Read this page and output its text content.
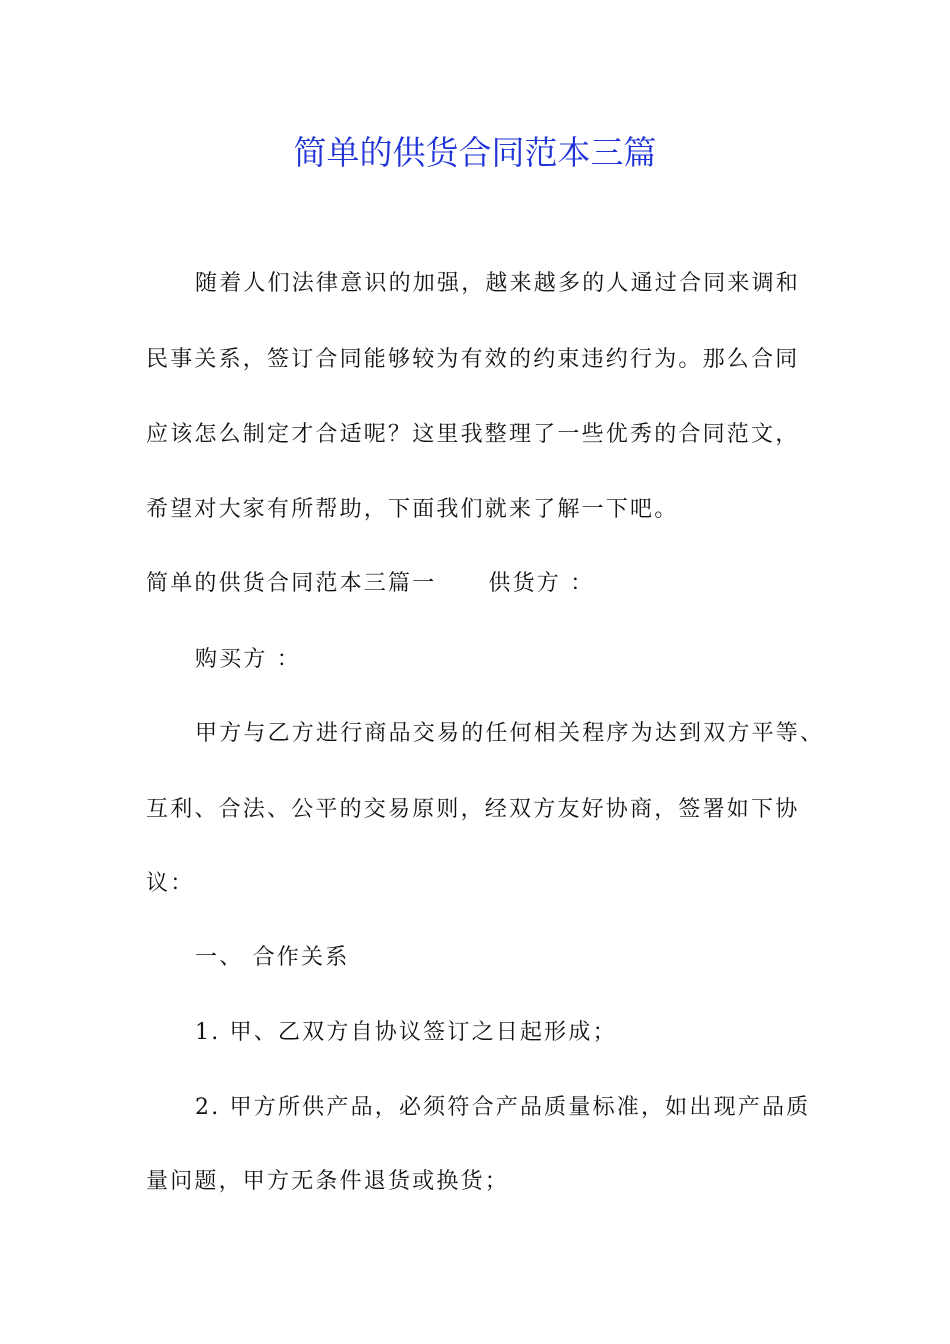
简单的供货合同范本三篇
随着人们法律意识的加强，越来越多的人通过合同来调和
民事关系，签订合同能够较为有效的约束违约行为。那么合同
应该怎么制定才合适呢？这里我整理了一些优秀的合同范文，
希望对大家有所帮助，下面我们就来了解一下吧。
简单的供货合同范本三篇一 供货方 ：
购买方 ：
甲方与乙方进行商品交易的任何相关程序为达到双方平等、
互利、合法、公平的交易原则，经双方友好协商，签署如下协
议：
一、 合作关系
1. 甲、乙双方自协议签订之日起形成；
2. 甲方所供产品，必须符合产品质量标准，如出现产品质
量问题，甲方无条件退货或换货；
